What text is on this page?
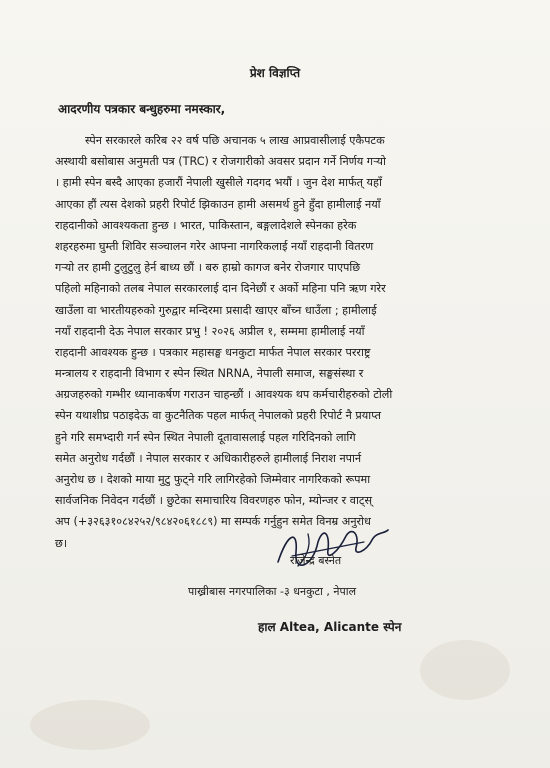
प्रेश विज्ञप्ति
आदरणीय पत्रकार बन्धुहरुमा नमस्कार,
स्पेन सरकारले करिब २२ वर्ष पछि अचानक ५ लाख आप्रवासीलाई एकैपटक
अस्थायी बसोबास अनुमती पत्र (TRC) र रोजगारीको अवसर प्रदान गर्ने निर्णय गऱ्यो
। हामी स्पेन बस्दै आएका हजारौं नेपाली खुसीले गदगद भयौं । जुन देश मार्फत् यहाँ
आएका हौं त्यस देशको प्रहरी रिपोर्ट झिकाउन हामी असमर्थ हुने हुँदा हामीलाई नयाँ
राहदानीको आवश्यकता हुन्छ । भारत, पाकिस्तान, बङ्गलादेशले स्पेनका हरेक
शहरहरुमा घुम्ती शिविर सञ्चालन गरेर आफ्ना नागरिकलाई नयाँ राहदानी वितरण
गऱ्यो तर हामी टुलुटुलु हेर्न बाध्य छौं । बरु हाम्रो कागज बनेर रोजगार पाएपछि
पहिलो महिनाको तलब नेपाल सरकारलाई दान दिनेछौं र अर्को महिना पनि ऋण गरेर
खाउँला वा भारतीयहरुको गुरुद्वार मन्दिरमा प्रसादी खाएर बाँच्न धाउँला ; हामीलाई
नयाँ राहदानी देऊ नेपाल सरकार प्रभु ! २०२६ अप्रील १, सम्ममा हामीलाई नयाँ
राहदानी आवश्यक हुन्छ । पत्रकार महासङ्घ धनकुटा मार्फत नेपाल सरकार परराष्ट्र
मन्त्रालय र राहदानी विभाग र स्पेन स्थित NRNA, नेपाली समाज, सङ्घसंस्था र
अग्रजहरुको गम्भीर ध्यानाकर्षण गराउन चाहन्छौं । आवश्यक थप कर्मचारीहरुको टोली
स्पेन यथाशीघ्र पठाइदेऊ वा कुटनैतिक पहल मार्फत् नेपालको प्रहरी रिपोर्ट नै प्रयाप्त
हुने गरि समभ्दारी गर्न स्पेन स्थित नेपाली दूतावासलाई पहल गरिदिनको लागि
समेत अनुरोध गर्दछौं । नेपाल सरकार र अधिकारीहरुले हामीलाई निराश नपार्न
अनुरोध छ । देशको माया मुटु फुट्ने गरि लागिरहेको जिम्मेवार नागरिकको रूपमा
सार्वजनिक निवेदन गर्दछौं । छुटेका समाचारिय विवरणहरु फोन, म्योन्जर र वाट्स्
अप (+३२६३१०८४२५२/९८४२०६१८८९) मा सम्पर्क गर्नुहुन समेत विनम्र अनुरोध
छ।
राजेन्द्र बस्नेत
पाख्रीबास नगरपालिका -३ धनकुटा , नेपाल
हाल Altea, Alicante स्पेन
